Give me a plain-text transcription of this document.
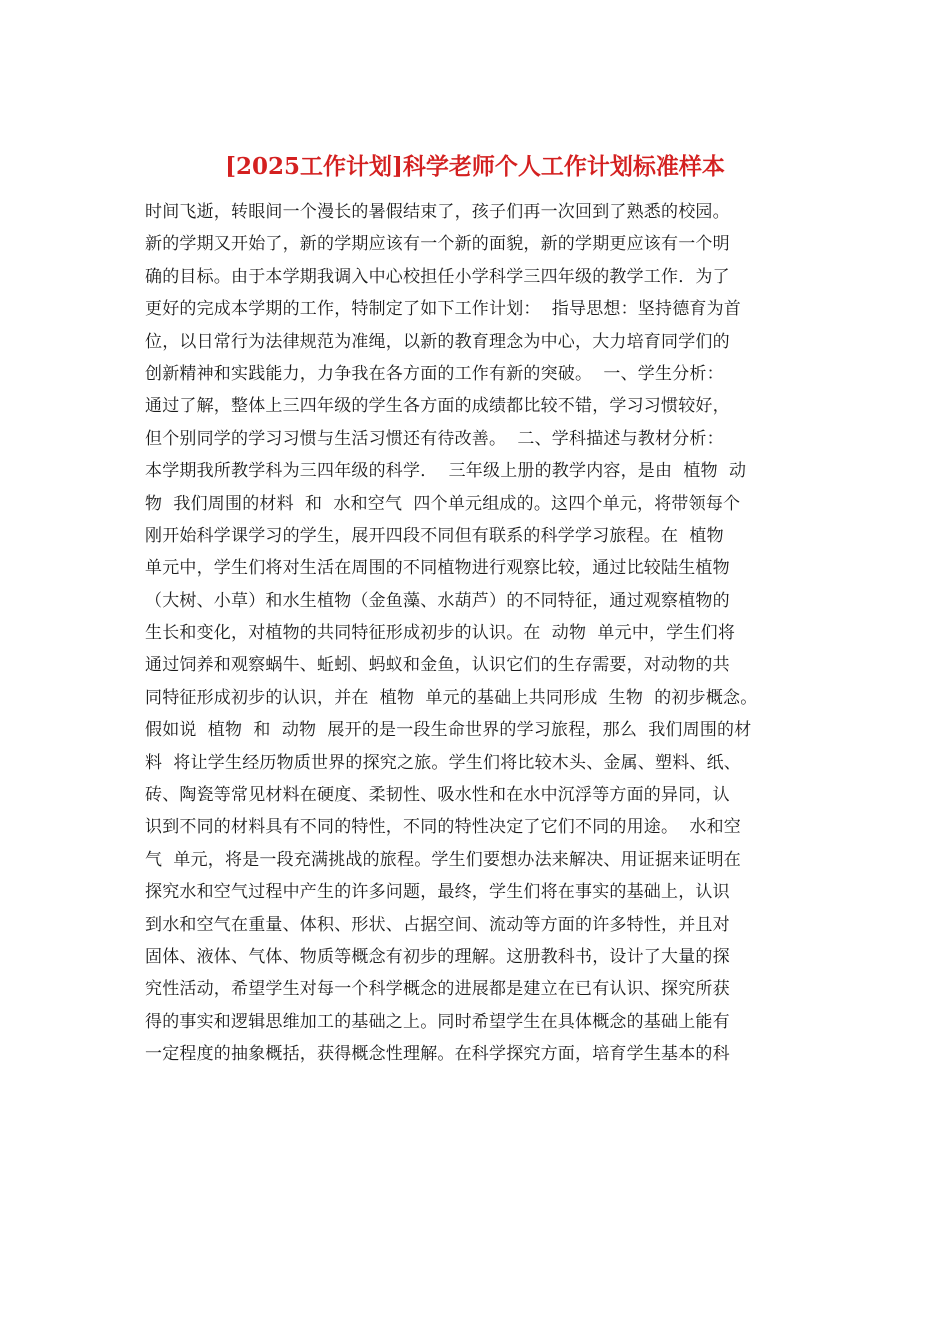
[2025工作计划]科学老师个人工作计划标准样本
时间飞逝，转眼间一个漫长的暑假结束了，孩子们再一次回到了熟悉的校园。
新的学期又开始了，新的学期应该有一个新的面貌，新的学期更应该有一个明
确的目标。由于本学期我调入中心校担任小学科学三四年级的教学工作．为了
更好的完成本学期的工作，特制定了如下工作计划：  指导思想：坚持德育为首
位，以日常行为法律规范为准绳，以新的教育理念为中心，大力培育同学们的
创新精神和实践能力，力争我在各方面的工作有新的突破。  一、学生分析：
通过了解，整体上三四年级的学生各方面的成绩都比较不错，学习习惯较好，
但个别同学的学习习惯与生活习惯还有待改善。  二、学科描述与教材分析：
本学期我所教学科为三四年级的科学．  三年级上册的教学内容，是由  植物  动
物  我们周围的材料  和  水和空气  四个单元组成的。这四个单元，将带领每个
刚开始科学课学习的学生，展开四段不同但有联系的科学学习旅程。在  植物
单元中，学生们将对生活在周围的不同植物进行观察比较，通过比较陆生植物
（大树、小草）和水生植物（金鱼藻、水葫芦）的不同特征，通过观察植物的
生长和变化，对植物的共同特征形成初步的认识。在  动物  单元中，学生们将
通过饲养和观察蜗牛、蚯蚓、蚂蚁和金鱼，认识它们的生存需要，对动物的共
同特征形成初步的认识，并在  植物  单元的基础上共同形成  生物  的初步概念。
假如说  植物  和  动物  展开的是一段生命世界的学习旅程，那么  我们周围的材
料  将让学生经历物质世界的探究之旅。学生们将比较木头、金属、塑料、纸、
砖、陶瓷等常见材料在硬度、柔韧性、吸水性和在水中沉浮等方面的异同，认
识到不同的材料具有不同的特性，不同的特性决定了它们不同的用途。  水和空
气  单元，将是一段充满挑战的旅程。学生们要想办法来解决、用证据来证明在
探究水和空气过程中产生的许多问题，最终，学生们将在事实的基础上，认识
到水和空气在重量、体积、形状、占据空间、流动等方面的许多特性，并且对
固体、液体、气体、物质等概念有初步的理解。这册教科书，设计了大量的探
究性活动，希望学生对每一个科学概念的进展都是建立在已有认识、探究所获
得的事实和逻辑思维加工的基础之上。同时希望学生在具体概念的基础上能有
一定程度的抽象概括，获得概念性理解。在科学探究方面，培育学生基本的科
